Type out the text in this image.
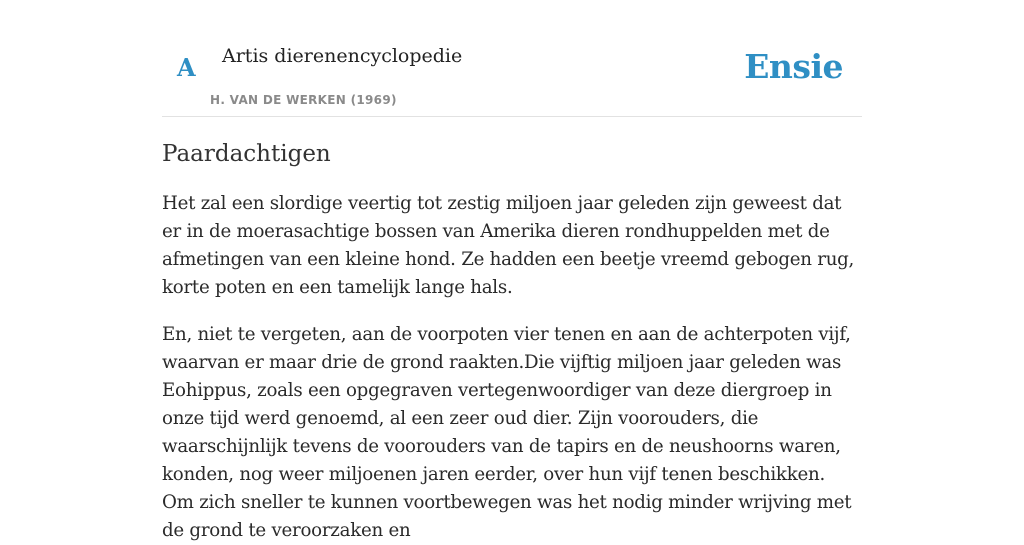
A Artis dierenencyclopedie
H. VAN DE WERKEN (1969)
Ensie
Paardachtigen

Het zal een slordige veertig tot zestig miljoen jaar geleden zijn geweest dat er in de moerasachtige bossen van Amerika dieren rondhuppelden met de afmetingen van een kleine hond. Ze hadden een beetje vreemd gebogen rug, korte poten en een tamelijk lange hals.

En, niet te vergeten, aan de voorpoten vier tenen en aan de achterpoten vijf, waarvan er maar drie de grond raakten.Die vijftig miljoen jaar geleden was Eohippus, zoals een opgegraven vertegenwoordiger van deze diergroep in onze tijd werd genoemd, al een zeer oud dier. Zijn voorouders, die waarschijnlijk tevens de voorouders van de tapirs en de neushoorns waren, konden, nog weer miljoenen jaren eerder, over hun vijf tenen beschikken. Om zich sneller te kunnen voortbewegen was het nodig minder wrijving met de grond te veroorzaken en
